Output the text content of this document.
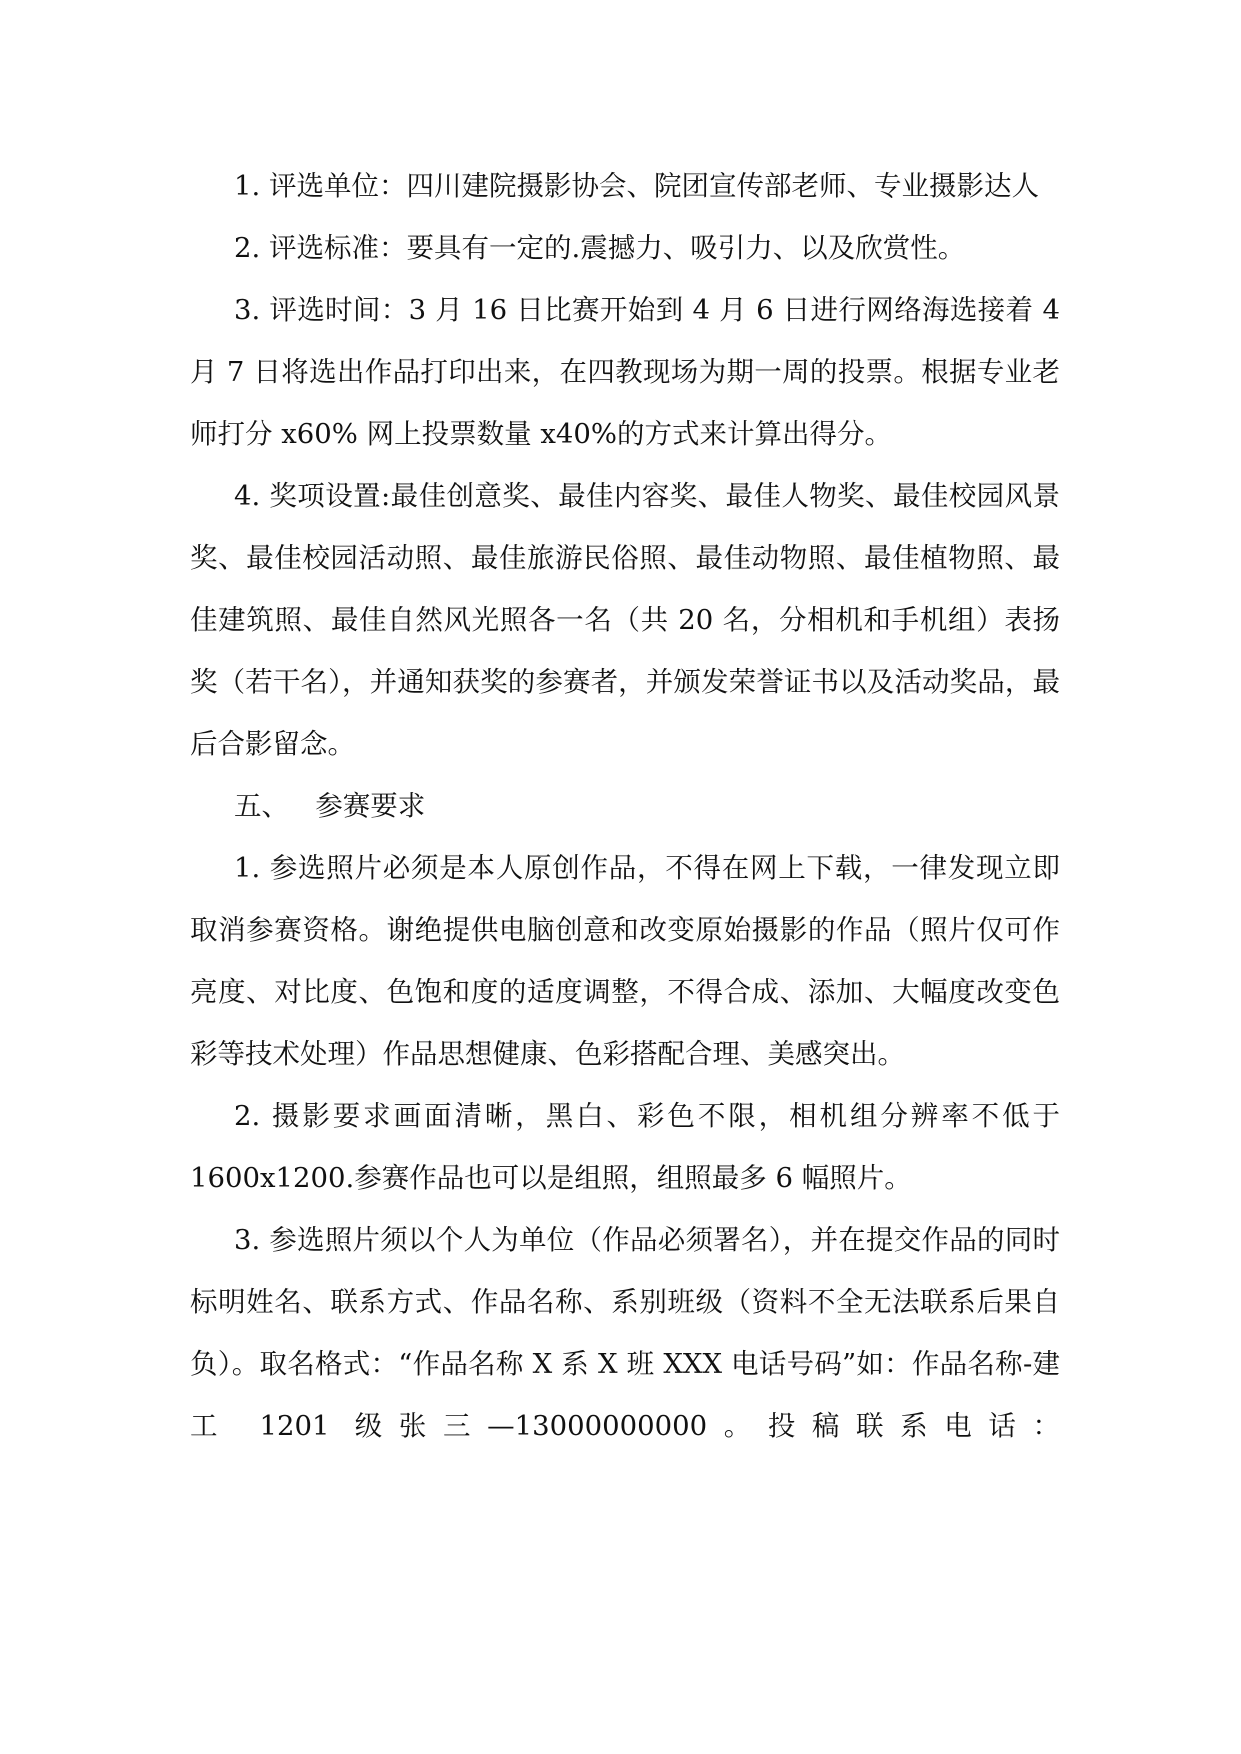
1. 评选单位：四川建院摄影协会、院团宣传部老师、专业摄影达人

2. 评选标准：要具有一定的.震撼力、吸引力、以及欣赏性。

3. 评选时间：3 月 16 日比赛开始到 4 月 6 日进行网络海选接着 4 月 7 日将选出作品打印出来，在四教现场为期一周的投票。根据专业老师打分 x60% 网上投票数量 x40%的方式来计算出得分。

4. 奖项设置:最佳创意奖、最佳内容奖、最佳人物奖、最佳校园风景奖、最佳校园活动照、最佳旅游民俗照、最佳动物照、最佳植物照、最佳建筑照、最佳自然风光照各一名（共 20 名，分相机和手机组）表扬奖（若干名），并通知获奖的参赛者，并颁发荣誉证书以及活动奖品，最后合影留念。

五、   参赛要求

1. 参选照片必须是本人原创作品，不得在网上下载，一律发现立即取消参赛资格。谢绝提供电脑创意和改变原始摄影的作品（照片仅可作亮度、对比度、色饱和度的适度调整，不得合成、添加、大幅度改变色彩等技术处理）作品思想健康、色彩搭配合理、美感突出。

2. 摄影要求画面清晰，黑白、彩色不限，相机组分辨率不低于 1600x1200.参赛作品也可以是组照，组照最多 6 幅照片。

3. 参选照片须以个人为单位（作品必须署名），并在提交作品的同时标明姓名、联系方式、作品名称、系别班级（资料不全无法联系后果自负）。取名格式：“作品名称 X 系 X 班 XXX 电话号码”如：作品名称-建工 1201 级张三—13000000000。投稿联系电话：
